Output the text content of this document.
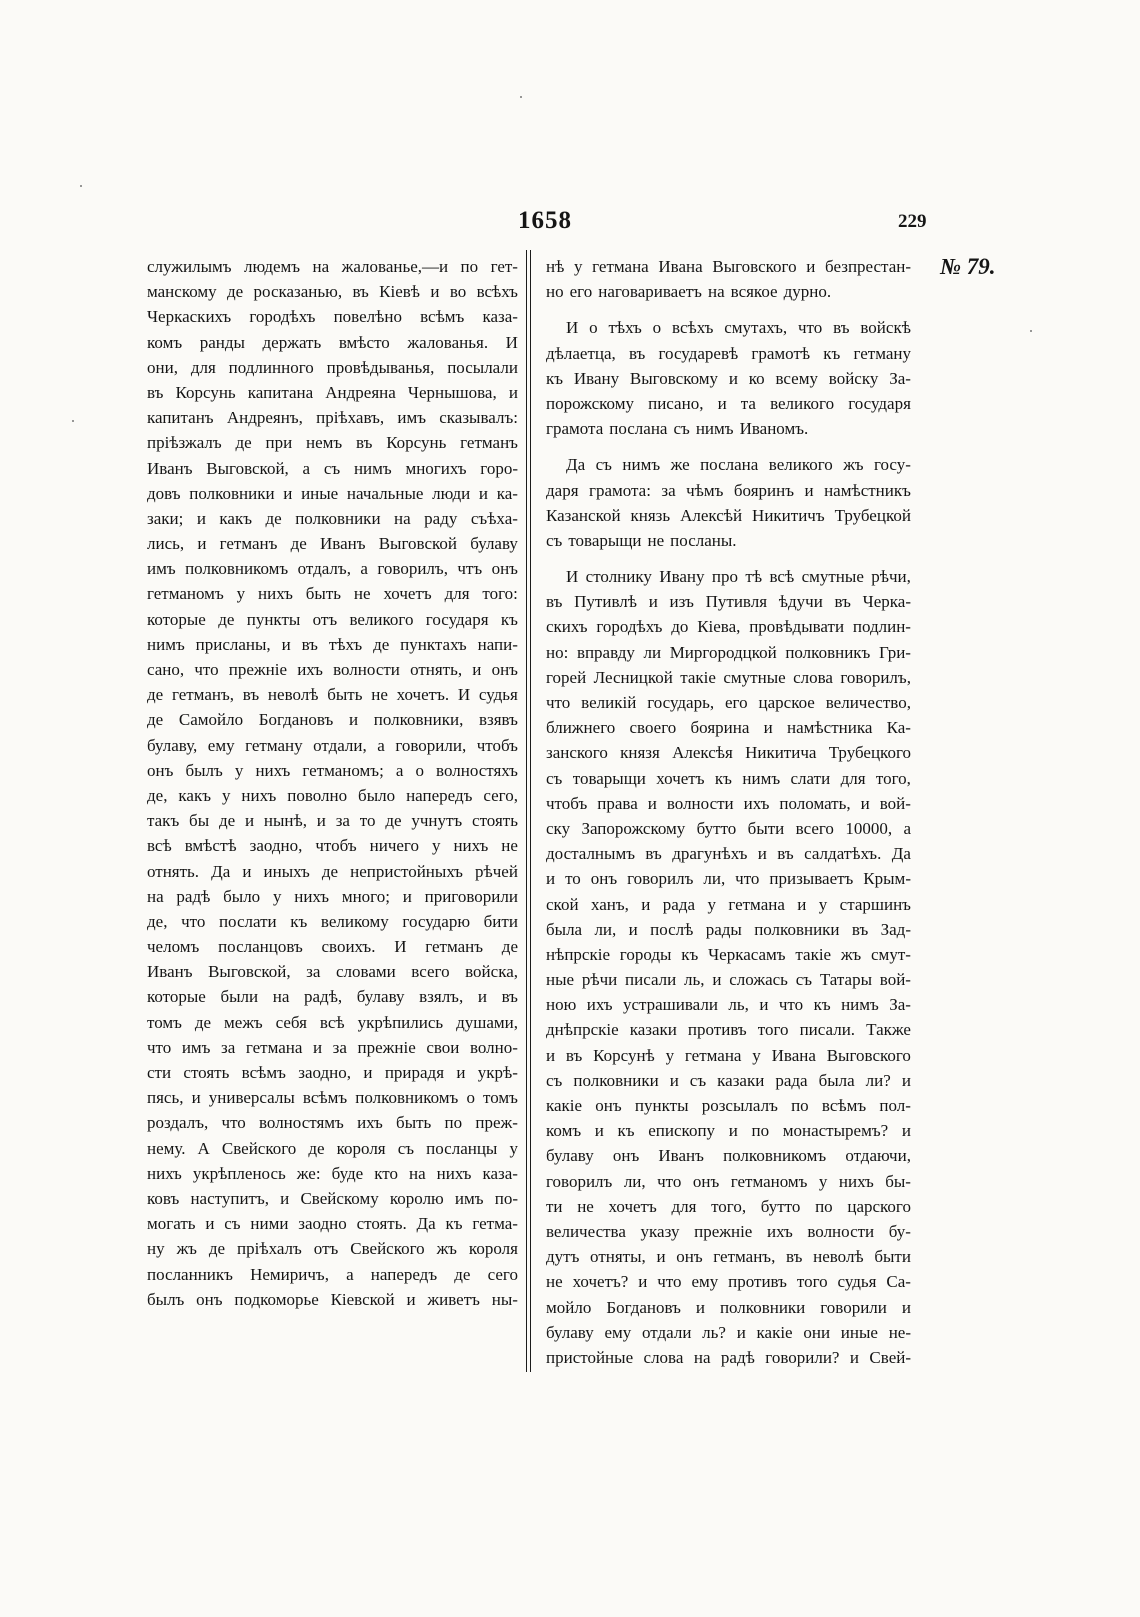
1658	229
№ 79.
служилымъ людемъ на жалованье,—и по гет-
манскому де росказанью, въ Кіевѣ и во всѣхъ
Черкаскихъ городѣхъ повелѣно всѣмъ каза-
комъ ранды держать вмѣсто жалованья. И
они, для подлинного провѣдыванья, посылали
въ Корсунь капитана Андреяна Чернышова, и
капитанъ Андреянъ, пріѣхавъ, имъ сказывалъ:
пріѣзжалъ де при немъ въ Корсунь гетманъ
Иванъ Выговской, а съ нимъ многихъ горо-
довъ полковники и иные начальные люди и ка-
заки; и какъ де полковники на раду съѣха-
лись, и гетманъ де Иванъ Выговской булаву
имъ полковникомъ отдалъ, а говорилъ, чтъ онъ
гетманомъ у нихъ быть не хочетъ для того:
которые де пункты отъ великого государя къ
нимъ присланы, и въ тѣхъ де пунктахъ напи-
сано, что прежніе ихъ волности отнять, и онъ
де гетманъ, въ неволѣ быть не хочетъ. И судья
де Самойло Богдановъ и полковники, взявъ
булаву, ему гетману отдали, а говорили, чтобъ
онъ былъ у нихъ гетманомъ; а о волностяхъ
де, какъ у нихъ поволно было напередъ сего,
такъ бы де и нынѣ, и за то де учнутъ стоять
всѣ вмѣстѣ заодно, чтобъ ничего у нихъ не
отнять. Да и иныхъ де непристойныхъ рѣчей
на радѣ было у нихъ много; и приговорили
де, что послати къ великому государю бити
челомъ посланцовъ своихъ. И гетманъ де
Иванъ Выговской, за словами всего войска,
которые были на радѣ, булаву взялъ, и въ
томъ де межъ себя всѣ укрѣпились душами,
что имъ за гетмана и за прежніе свои волно-
сти стоять всѣмъ заодно, и прирадя и укрѣ-
пясь, и универсалы всѣмъ полковникомъ о томъ
роздалъ, что волностямъ ихъ быть по преж-
нему. А Свейского де короля съ посланцы у
нихъ укрѣпленось же: буде кто на нихъ каза-
ковъ наступитъ, и Свейскому королю имъ по-
могать и съ ними заодно стоять. Да къ гетма-
ну жъ де пріѣхалъ отъ Свейского жъ короля
посланникъ Немиричъ, а напередъ де сего
былъ онъ подкоморье Кіевской и живетъ ны-
нѣ у гетмана Ивана Выговского и безпрестан-
но его наговариваетъ на всякое дурно.
И о тѣхъ о всѣхъ смутахъ, что въ войскѣ
дѣлаетца, въ государевѣ грамотѣ къ гетману
къ Ивану Выговскому и ко всему войску За-
порожскому писано, и та великого государя
грамота послана съ нимъ Иваномъ.
Да съ нимъ же послана великого жъ госу-
даря грамота: за чѣмъ бояринъ и намѣстникъ
Казанской князь Алексѣй Никитичъ Трубецкой
съ товарыщи не посланы.
И столнику Ивану про тѣ всѣ смутные рѣчи,
въ Путивлѣ и изъ Путивля ѣдучи въ Черка-
скихъ городѣхъ до Кіева, провѣдывати подлин-
но: вправду ли Миргородцкой полковникъ Гри-
горей Лесницкой такіе смутные слова говорилъ,
что великій государь, его царское величество,
ближнего своего боярина и намѣстника Ка-
занского князя Алексѣя Никитича Трубецкого
съ товарыщи хочетъ къ нимъ слати для того,
чтобъ права и волности ихъ поломать, и вой-
ску Запорожскому бутто быти всего 10000, а
досталнымъ въ драгунѣхъ и въ салдатѣхъ. Да
и то онъ говорилъ ли, что призываетъ Крым-
ской ханъ, и рада у гетмана и у старшинъ
была ли, и послѣ рады полковники въ Зад-
нѣпрскіе городы къ Черкасамъ такіе жъ смут-
ные рѣчи писали ль, и сложась съ Татары вой-
ною ихъ устрашивали ль, и что къ нимъ За-
днѣпрскіе казаки противъ того писали. Также
и въ Корсунѣ у гетмана у Ивана Выговского
съ полковники и съ казаки рада была ли? и
какіе онъ пункты розсылалъ по всѣмъ пол-
комъ и къ епископу и по монастыремъ? и
булаву онъ Иванъ полковникомъ отдаючи,
говорилъ ли, что онъ гетманомъ у нихъ бы-
ти не хочетъ для того, бутто по царского
величества указу прежніе ихъ волности бу-
дутъ отняты, и онъ гетманъ, въ неволѣ быти
не хочетъ? и что ему противъ того судья Са-
мойло Богдановъ и полковники говорили и
булаву ему отдали ль? и какіе они иные не-
пристойные слова на радѣ говорили? и Свей-
